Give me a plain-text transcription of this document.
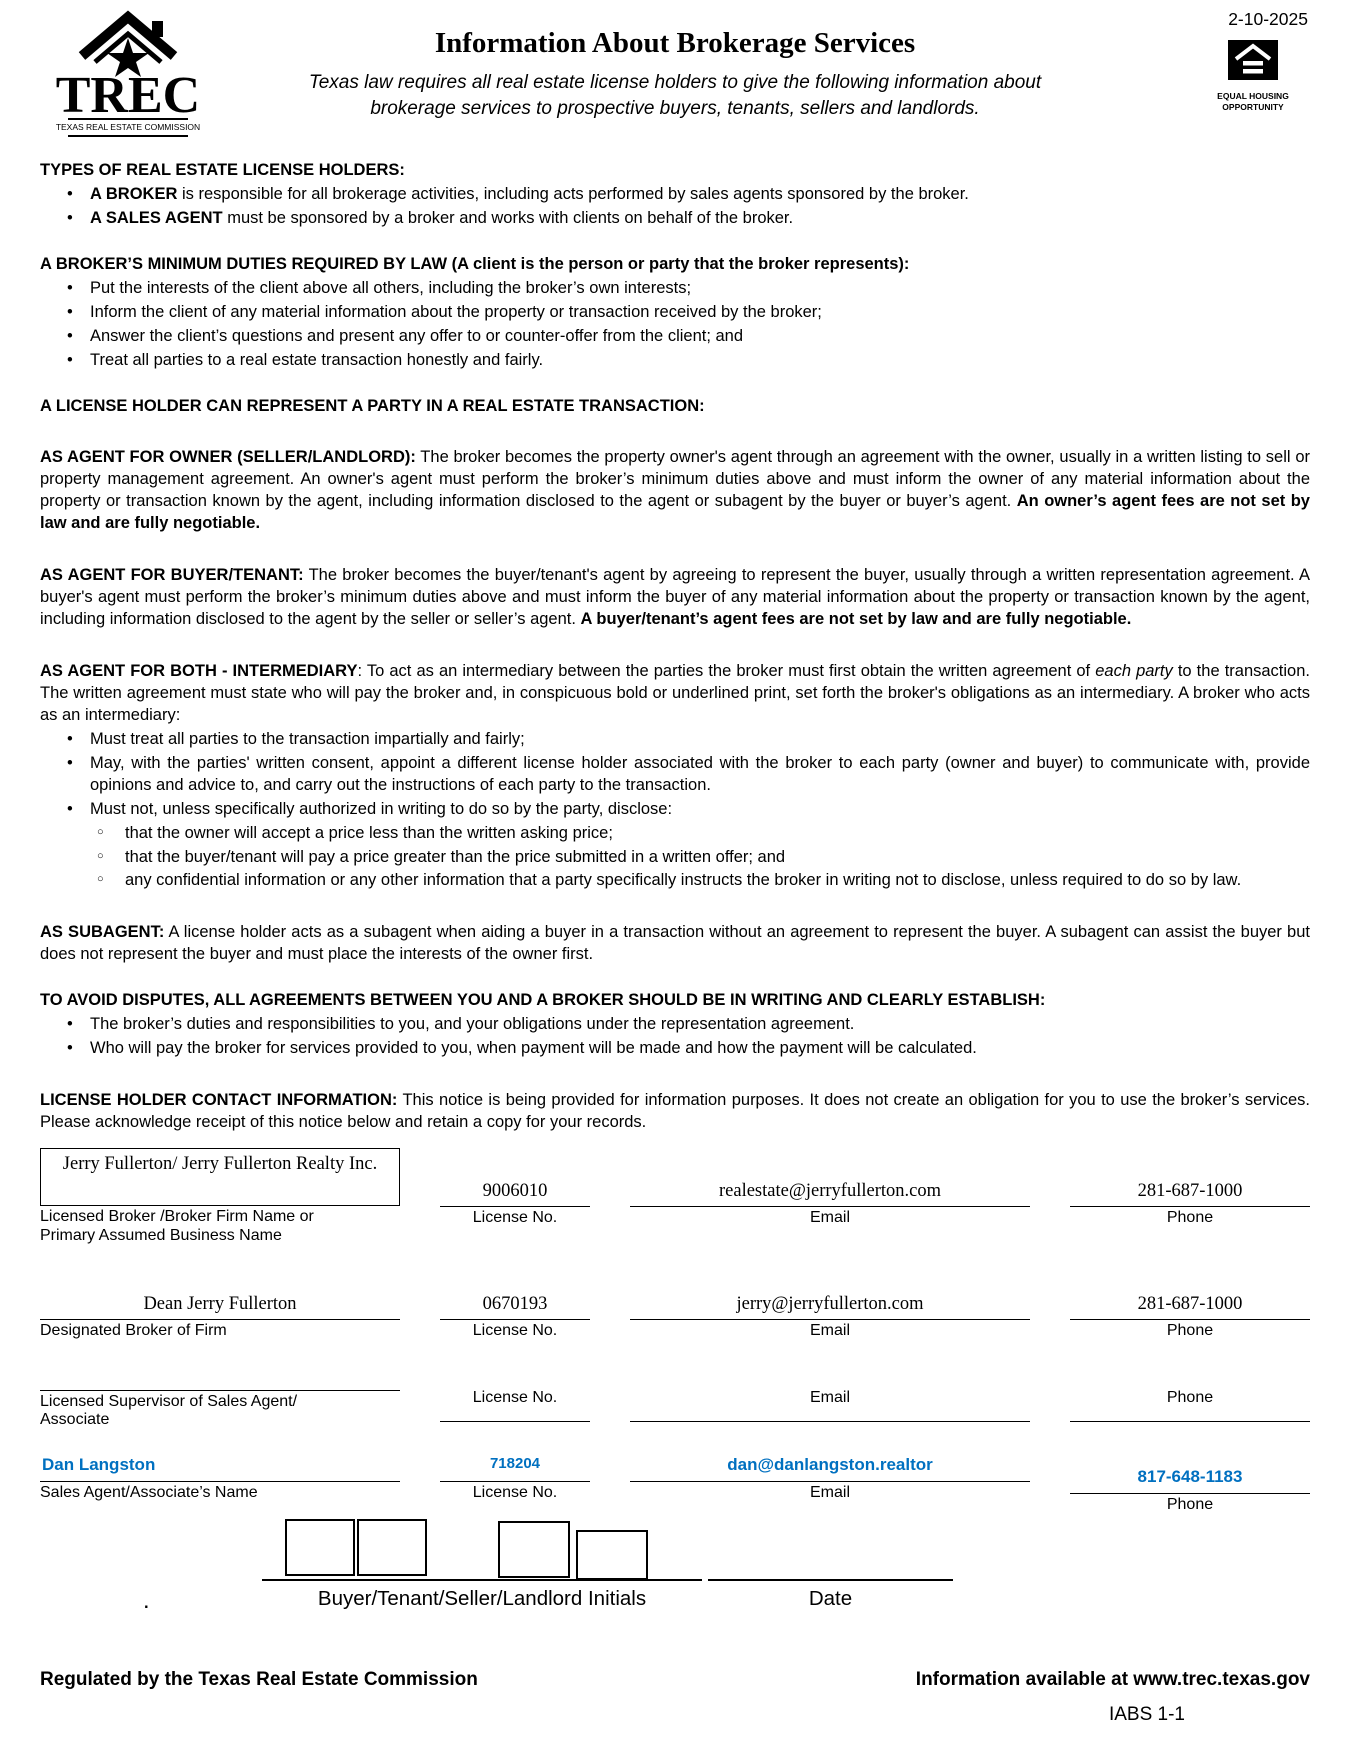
2-10-2025
TREC
TEXAS REAL ESTATE COMMISSION
Information About Brokerage Services
Texas law requires all real estate license holders to give the following information about brokerage services to prospective buyers, tenants, sellers and landlords.
EQUAL HOUSING
OPPORTUNITY
TYPES OF REAL ESTATE LICENSE HOLDERS:
• A BROKER is responsible for all brokerage activities, including acts performed by sales agents sponsored by the broker.
• A SALES AGENT must be sponsored by a broker and works with clients on behalf of the broker.
A BROKER’S MINIMUM DUTIES REQUIRED BY LAW (A client is the person or party that the broker represents):
• Put the interests of the client above all others, including the broker’s own interests;
• Inform the client of any material information about the property or transaction received by the broker;
• Answer the client’s questions and present any offer to or counter-offer from the client; and
• Treat all parties to a real estate transaction honestly and fairly.
A LICENSE HOLDER CAN REPRESENT A PARTY IN A REAL ESTATE TRANSACTION:

AS AGENT FOR OWNER (SELLER/LANDLORD): The broker becomes the property owner's agent through an agreement with the owner, usually in a written listing to sell or property management agreement. An owner's agent must perform the broker’s minimum duties above and must inform the owner of any material information about the property or transaction known by the agent, including information disclosed to the agent or subagent by the buyer or buyer’s agent. An owner’s agent fees are not set by law and are fully negotiable.

AS AGENT FOR BUYER/TENANT: The broker becomes the buyer/tenant's agent by agreeing to represent the buyer, usually through a written representation agreement. A buyer's agent must perform the broker’s minimum duties above and must inform the buyer of any material information about the property or transaction known by the agent, including information disclosed to the agent by the seller or seller’s agent. A buyer/tenant’s agent fees are not set by law and are fully negotiable.

AS AGENT FOR BOTH - INTERMEDIARY: To act as an intermediary between the parties the broker must first obtain the written agreement of each party to the transaction. The written agreement must state who will pay the broker and, in conspicuous bold or underlined print, set forth the broker's obligations as an intermediary. A broker who acts as an intermediary:

• Must treat all parties to the transaction impartially and fairly;
• May, with the parties' written consent, appoint a different license holder associated with the broker to each party (owner and buyer) to communicate with, provide opinions and advice to, and carry out the instructions of each party to the transaction.
• Must not, unless specifically authorized in writing to do so by the party, disclose:
○ that the owner will accept a price less than the written asking price;
○ that the buyer/tenant will pay a price greater than the price submitted in a written offer; and
○ any confidential information or any other information that a party specifically instructs the broker in writing not to disclose, unless required to do so by law.

AS SUBAGENT: A license holder acts as a subagent when aiding a buyer in a transaction without an agreement to represent the buyer. A subagent can assist the buyer but does not represent the buyer and must place the interests of the owner first.

TO AVOID DISPUTES, ALL AGREEMENTS BETWEEN YOU AND A BROKER SHOULD BE IN WRITING AND CLEARLY ESTABLISH:
• The broker’s duties and responsibilities to you, and your obligations under the representation agreement.
• Who will pay the broker for services provided to you, when payment will be made and how the payment will be calculated.

LICENSE HOLDER CONTACT INFORMATION: This notice is being provided for information purposes. It does not create an obligation for you to use the broker’s services. Please acknowledge receipt of this notice below and retain a copy for your records.

Jerry Fullerton/ Jerry Fullerton Realty Inc.
Licensed Broker /Broker Firm Name or Primary Assumed Business Name
9006010
License No.
realestate@jerryfullerton.com
Email
281-687-1000
Phone
Dean Jerry Fullerton
Designated Broker of Firm
0670193
License No.
jerry@jerryfullerton.com
Email
281-687-1000
Phone
Licensed Supervisor of Sales Agent/ Associate
License No.	Email	Phone
Dan Langston
Sales Agent/Associate’s Name
718204
License No.
dan@danlangston.realtor
Email
817-648-1183
Phone
Buyer/Tenant/Seller/Landlord Initials	Date
.
Regulated by the Texas Real Estate Commission	Information available at www.trec.texas.gov
IABS 1-1
